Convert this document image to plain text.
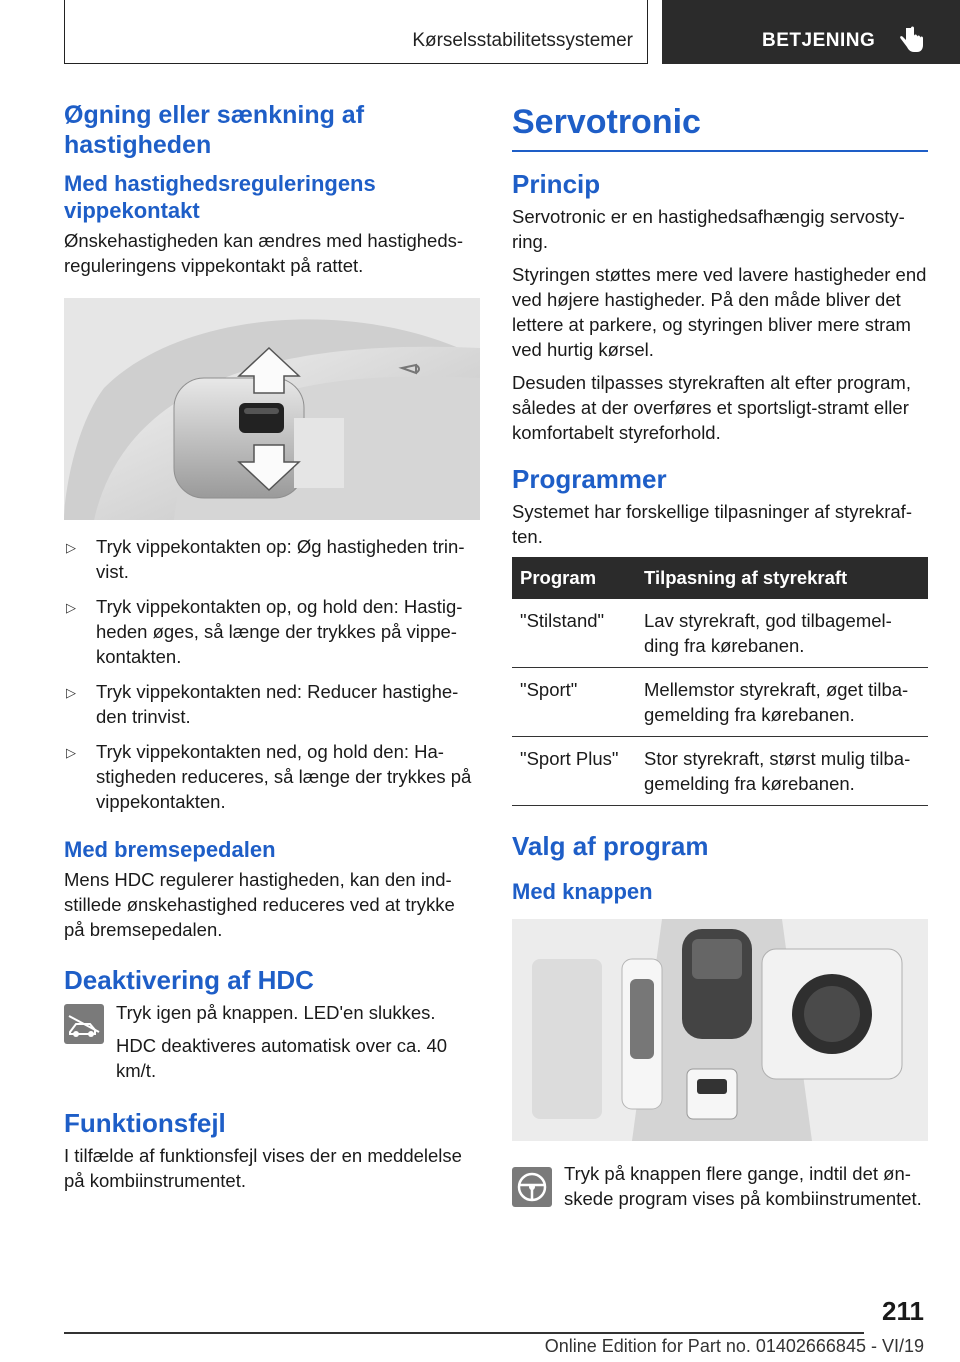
Kørselsstabilitetssystemer	BETJENING
Øgning eller sænkning af hastigheden
Med hastighedsreguleringens vippekontakt
Ønskehastigheden kan ændres med hastighedsreguleringens vippekontakt på rattet.
▷ Tryk vippekontakten op: Øg hastigheden trinvist.
▷ Tryk vippekontakten op, og hold den: Hastigheden øges, så længe der trykkes på vippekontakten.
▷ Tryk vippekontakten ned: Reducer hastigheden trinvist.
▷ Tryk vippekontakten ned, og hold den: Hastigheden reduceres, så længe der trykkes på vippekontakten.
Med bremsepedalen
Mens HDC regulerer hastigheden, kan den indstillede ønskehastighed reduceres ved at trykke på bremsepedalen.
Deaktivering af HDC
Tryk igen på knappen. LED'en slukkes.
HDC deaktiveres automatisk over ca. 40 km/t.
Funktionsfejl
I tilfælde af funktionsfejl vises der en meddelelse på kombiinstrumentet.
Servotronic
Princip
Servotronic er en hastighedsafhængig servostyring.
Styringen støttes mere ved lavere hastigheder end ved højere hastigheder. På den måde bliver det lettere at parkere, og styringen bliver mere stram ved hurtig kørsel.
Desuden tilpasses styrekraften alt efter program, således at der overføres et sportsligt-stramt eller komfortabelt styreforhold.
Programmer
Systemet har forskellige tilpasninger af styrekraften.
Program	Tilpasning af styrekraft
"Stilstand"	Lav styrekraft, god tilbagemelding fra kørebanen.
"Sport"	Mellemstor styrekraft, øget tilbagemelding fra kørebanen.
"Sport Plus"	Stor styrekraft, størst mulig tilbagemelding fra kørebanen.
Valg af program
Med knappen
Tryk på knappen flere gange, indtil det ønskede program vises på kombiinstrumentet.
211
Online Edition for Part no. 01402666845 - VI/19
